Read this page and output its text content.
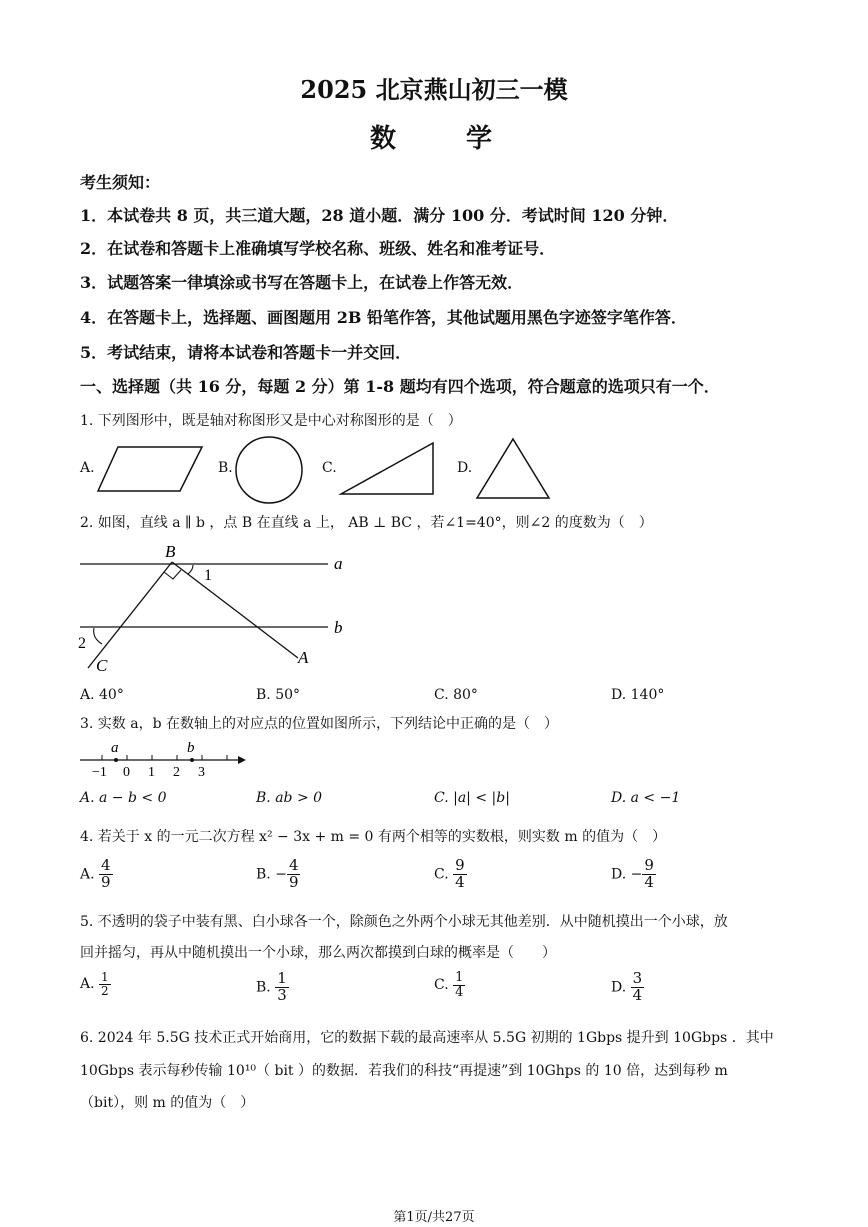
2025 北京燕山初三一模
数　　学
考生须知：
1．本试卷共 8 页，共三道大题，28 道小题．满分 100 分．考试时间 120 分钟．
2．在试卷和答题卡上准确填写学校名称、班级、姓名和准考证号．
3．试题答案一律填涂或书写在答题卡上，在试卷上作答无效．
4．在答题卡上，选择题、画图题用 2B 铅笔作答，其他试题用黑色字迹签字笔作答．
5．考试结束，请将本试卷和答题卡一并交回．
一、选择题（共 16 分，每题 2 分）第 1-8 题均有四个选项，符合题意的选项只有一个．
1. 下列图形中，既是轴对称图形又是中心对称图形的是（　）
A.	B.	C.	D.
2. 如图，直线 a ∥ b ，点 B 在直线 a 上， AB ⊥ BC ，若∠1=40°，则∠2 的度数为（　）
B
a
1
b
2
C	A
A. 40°	B. 50°	C. 80°	D. 140°
3. 实数 a，b 在数轴上的对应点的位置如图所示，下列结论中正确的是（　）
a	b
−1 0 1 2 3
A. a − b < 0	B. ab > 0	C. |a| < |b|	D. a < −1
4. 若关于 x 的一元二次方程 x² − 3x + m = 0 有两个相等的实数根，则实数 m 的值为（　）
A. $\frac{4}{9}$	B. − $\frac{4}{9}$	C. $\frac{9}{4}$	D. − $\frac{9}{4}$
5. 不透明的袋子中装有黑、白小球各一个，除颜色之外两个小球无其他差别．从中随机摸出一个小球，放
回并摇匀，再从中随机摸出一个小球，那么两次都摸到白球的概率是（　　）
A. $\frac{1}{2}$	B. $\frac{1}{3}$	C. $\frac{1}{4}$	D. $\frac{3}{4}$
6. 2024 年 5.5G 技术正式开始商用，它的数据下载的最高速率从 5.5G 初期的 1Gbps 提升到 10Gbps ．其中
10Gbps 表示每秒传输 10¹⁰（ bit ）的数据．若我们的科技“再提速”到 10Ghps 的 10 倍，达到每秒 m
（bit），则 m 的值为（　）
第1页/共27页
